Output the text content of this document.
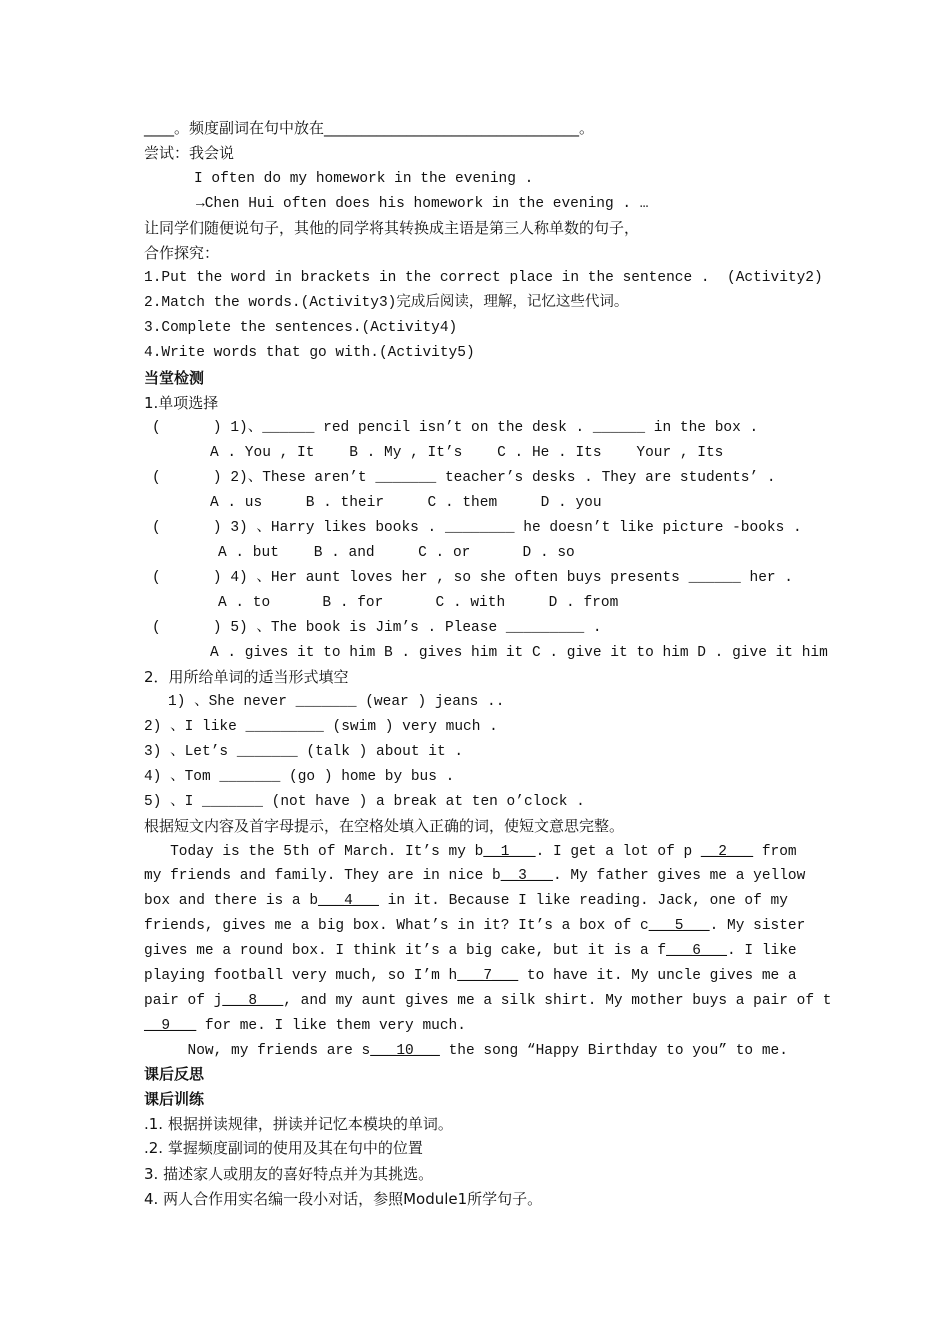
____。频度副词在句中放在__________________________________。
尝试：我会说
I often do my homework in the evening .
→Chen Hui often does his homework in the evening . …
让同学们随便说句子，其他的同学将其转换成主语是第三人称单数的句子，
合作探究：
1.Put the word in brackets in the correct place in the sentence .  (Activity2)
2.Match the words.(Activity3)完成后阅读，理解，记忆这些代词。
3.Complete the sentences.(Activity4)
4.Write words that go with.(Activity5)
当堂检测
1.单项选择
(      ) 1)、______ red pencil isn’t on the desk . ______ in the box .
A . You , It    B . My , It’s    C . He . Its    Your , Its
(      ) 2)、These aren’t _______ teacher’s desks . They are students’ .
A . us     B . their     C . them     D . you
(      ) 3) 、Harry likes books . ________ he doesn’t like picture -books .
A . but    B . and     C . or      D . so
(      ) 4) 、Her aunt loves her , so she often buys presents ______ her .
A . to      B . for      C . with     D . from
(      ) 5) 、The book is Jim’s . Please _________ .
A . gives it to him B . gives him it C . give it to him D . give it him
2．用所给单词的适当形式填空
1) 、She never _______ (wear ) jeans ..
2) 、I like _________ (swim ) very much .
3) 、Let’s _______ (talk ) about it .
4) 、Tom _______ (go ) home by bus .
5) 、I _______ (not have ) a break at ten o’clock .
根据短文内容及首字母提示，在空格处填入正确的词，使短文意思完整。
Today is the 5th of March. It’s my b__1___. I get a lot of p __2___ from
my friends and family. They are in nice b__3___. My father gives me a yellow
box and there is a b___4___ in it. Because I like reading. Jack, one of my
friends, gives me a big box. What’s in it? It’s a box of c___5___. My sister
gives me a round box. I think it’s a big cake, but it is a f___6___. I like
playing football very much, so I’m h___7___ to have it. My uncle gives me a
pair of j___8___, and my aunt gives me a silk shirt. My mother buys a pair of t
__9___ for me. I like them very much.
Now, my friends are s___10___ the song “Happy Birthday to you” to me.
课后反思
课后训练
.1. 根据拼读规律，拼读并记忆本模块的单词。
.2. 掌握频度副词的使用及其在句中的位置
3. 描述家人或朋友的喜好特点并为其挑选。
4. 两人合作用实名编一段小对话，参照Module1所学句子。
